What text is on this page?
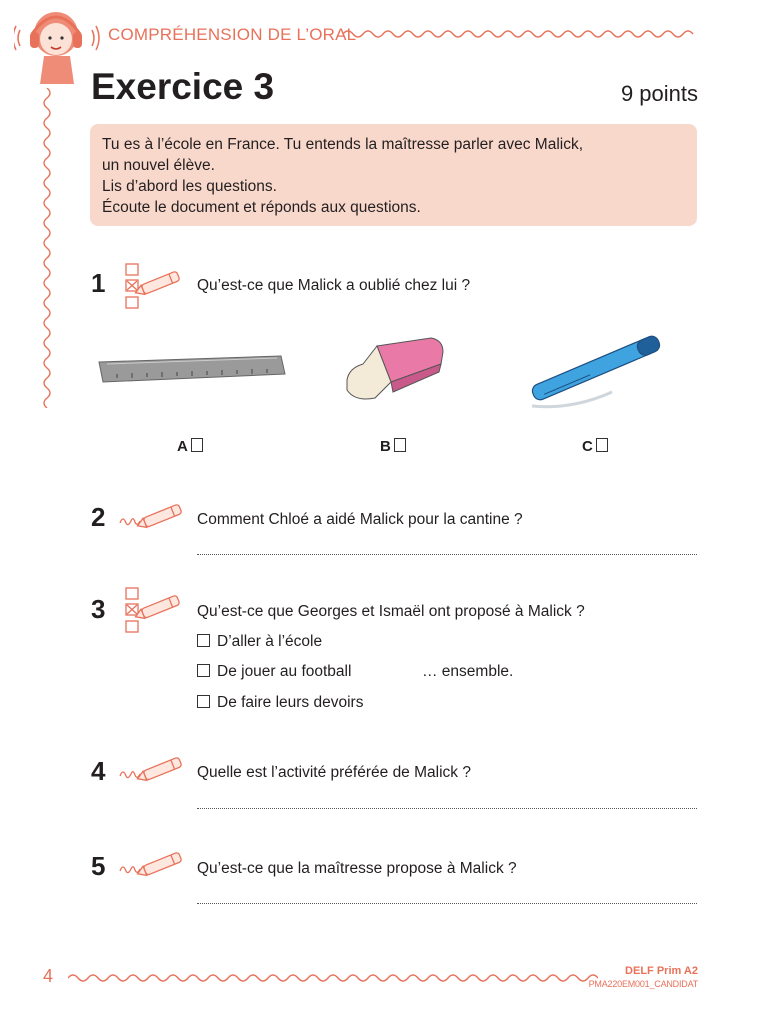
COMPRÉHENSION DE L’ORAL
Exercice 3	9 points
Tu es à l’école en France. Tu entends la maîtresse parler avec Malick,
un nouvel élève.
Lis d’abord les questions.
Écoute le document et réponds aux questions.
1	Qu’est-ce que Malick a oublié chez lui ?
A	B	C
2	Comment Chloé a aidé Malick pour la cantine ?
3	Qu’est-ce que Georges et Ismaël ont proposé à Malick ?
D’aller à l’école
De jouer au football
De faire leurs devoirs
… ensemble.
4	Quelle est l’activité préférée de Malick ?
5	Qu’est-ce que la maîtresse propose à Malick ?
4	DELF Prim A2
PMA220EM001_CANDIDAT
